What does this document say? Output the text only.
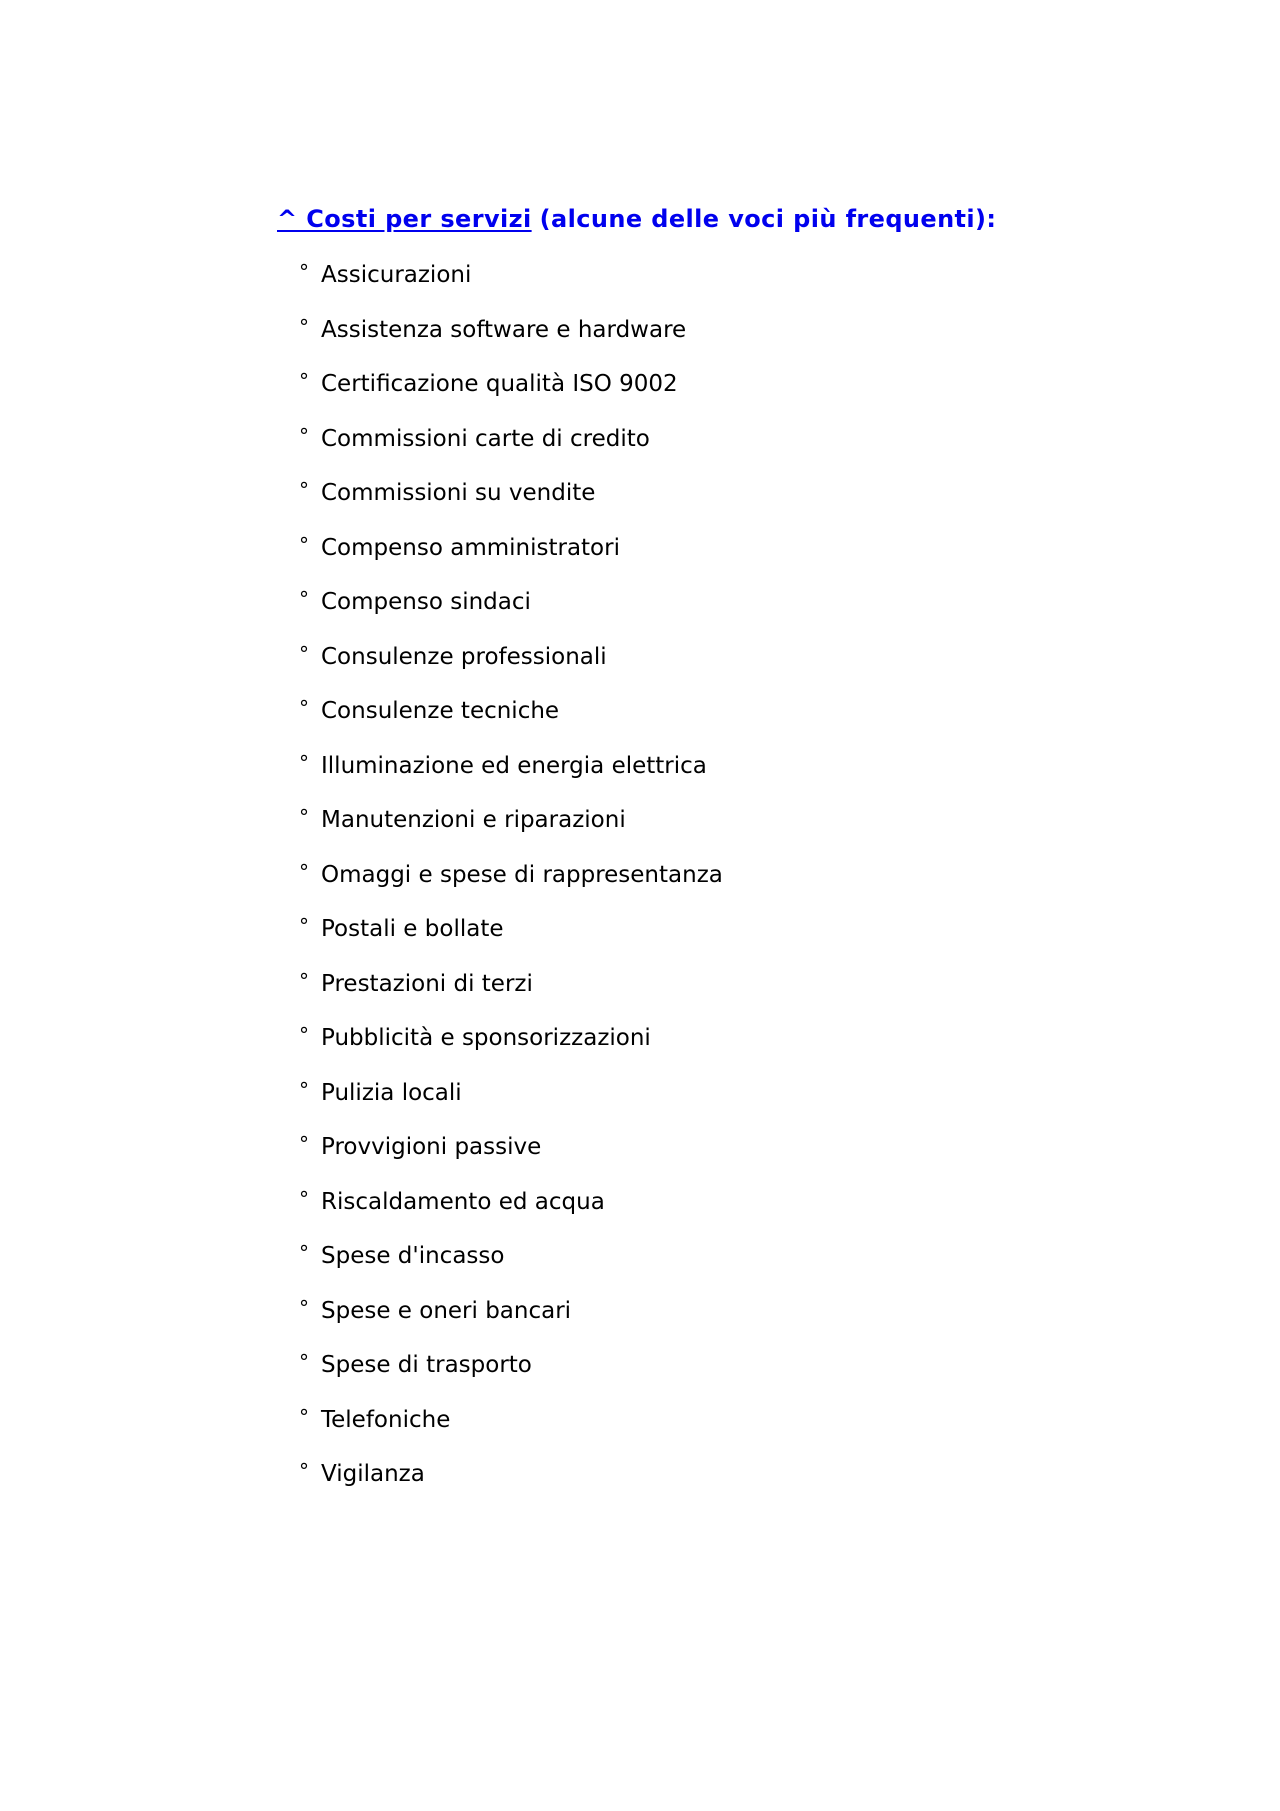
^ Costi per servizi (alcune delle voci più frequenti):
° Assicurazioni
° Assistenza software e hardware
° Certificazione qualità ISO 9002
° Commissioni carte di credito
° Commissioni su vendite
° Compenso amministratori
° Compenso sindaci
° Consulenze professionali
° Consulenze tecniche
° Illuminazione ed energia elettrica
° Manutenzioni e riparazioni
° Omaggi e spese di rappresentanza
° Postali e bollate
° Prestazioni di terzi
° Pubblicità e sponsorizzazioni
° Pulizia locali
° Provvigioni passive
° Riscaldamento ed acqua
° Spese d'incasso
° Spese e oneri bancari
° Spese di trasporto
° Telefoniche
° Vigilanza
